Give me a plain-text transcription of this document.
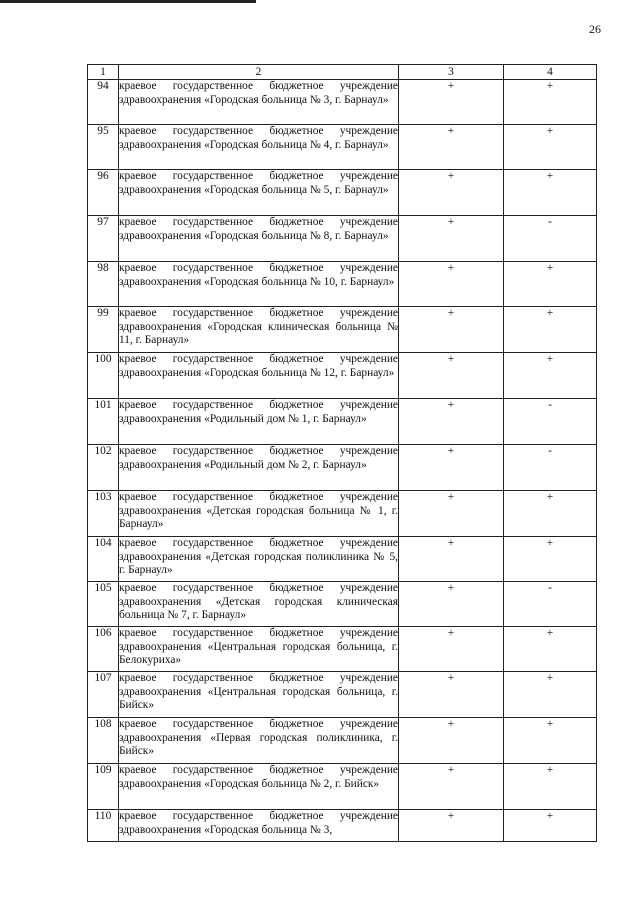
26
1	2	3	4
94	краевое государственное бюджетное учреждение здравоохранения «Городская больница № 3, г. Барнаул»	+	+
95	краевое государственное бюджетное учреждение здравоохранения «Городская больница № 4, г. Барнаул»	+	+
96	краевое государственное бюджетное учреждение здравоохранения «Городская больница № 5, г. Барнаул»	+	+
97	краевое государственное бюджетное учреждение здравоохранения «Городская больница № 8, г. Барнаул»	+	-
98	краевое государственное бюджетное учреждение здравоохранения «Городская больница № 10, г. Барнаул»	+	+
99	краевое государственное бюджетное учреждение здравоохранения «Городская клиническая больница № 11, г. Барнаул»	+	+
100	краевое государственное бюджетное учреждение здравоохранения «Городская больница № 12, г. Барнаул»	+	+
101	краевое государственное бюджетное учреждение здравоохранения «Родильный дом № 1, г. Барнаул»	+	-
102	краевое государственное бюджетное учреждение здравоохранения «Родильный дом № 2, г. Барнаул»	+	-
103	краевое государственное бюджетное учреждение здравоохранения «Детская городская больница № 1, г. Барнаул»	+	+
104	краевое государственное бюджетное учреждение здравоохранения «Детская городская поликлиника № 5, г. Барнаул»	+	+
105	краевое государственное бюджетное учреждение здравоохранения «Детская городская клиническая больница № 7, г. Барнаул»	+	-
106	краевое государственное бюджетное учреждение здравоохранения «Центральная городская больница, г. Белокуриха»	+	+
107	краевое государственное бюджетное учреждение здравоохранения «Центральная городская больница, г. Бийск»	+	+
108	краевое государственное бюджетное учреждение здравоохранения «Первая городская поликлиника, г. Бийск»	+	+
109	краевое государственное бюджетное учреждение здравоохранения «Городская больница № 2, г. Бийск»	+	+
110	краевое государственное бюджетное учреждение здравоохранения «Городская больница № 3,	+	+
